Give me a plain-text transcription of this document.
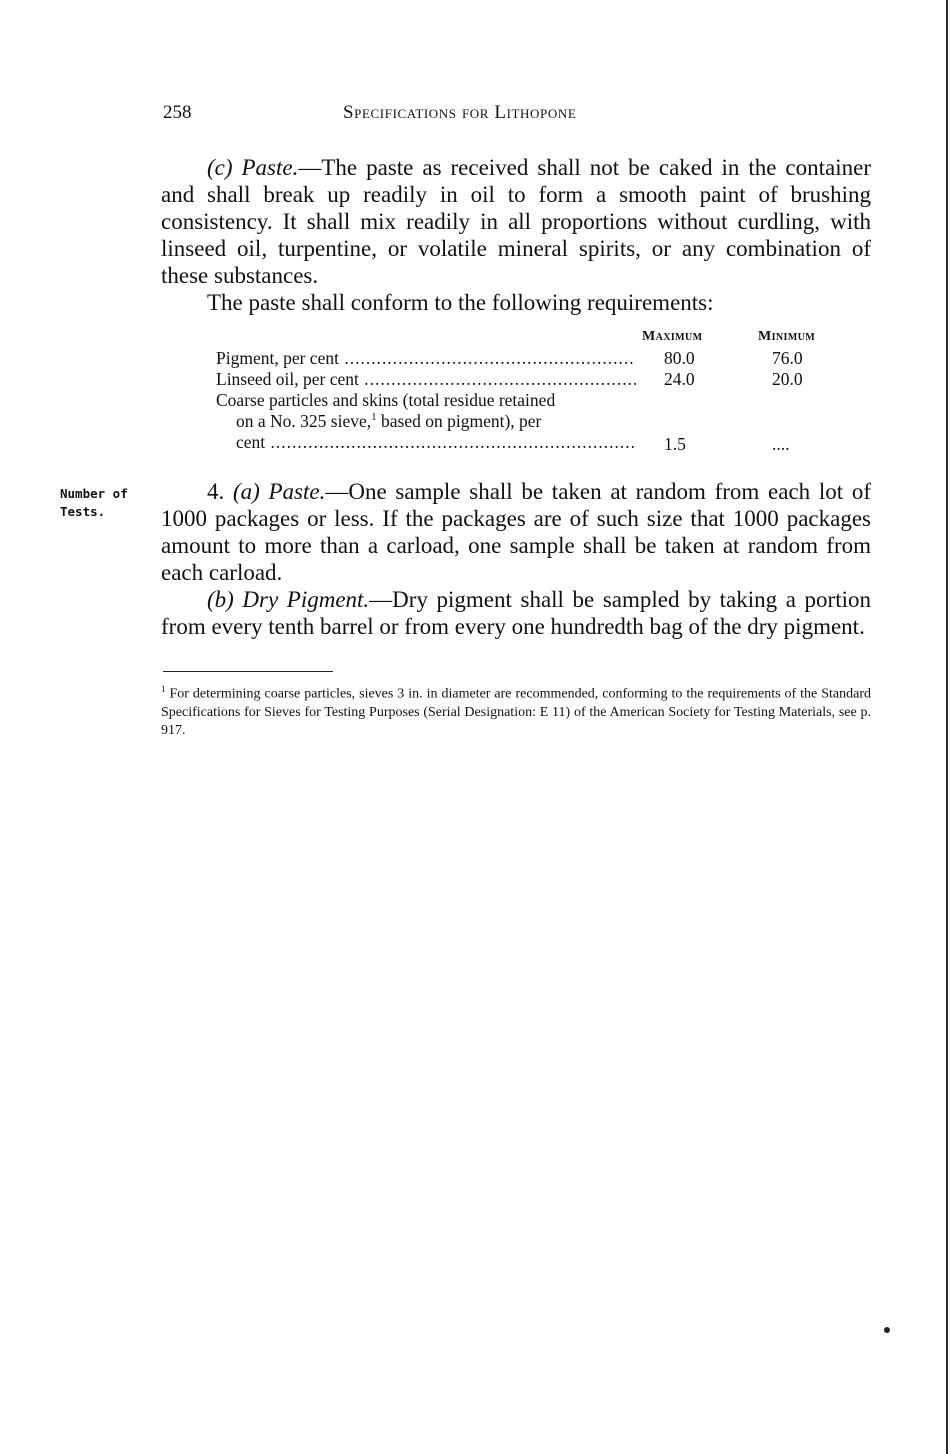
258	Specifications for Lithopone

(c) Paste.—The paste as received shall not be caked in the container and shall break up readily in oil to form a smooth paint of brushing consistency. It shall mix readily in all proportions without curdling, with linseed oil, turpentine, or volatile mineral spirits, or any combination of these substances.

The paste shall conform to the following requirements:

Maximum	Minimum
Pigment, per cent .....	80.0	76.0
Linseed oil, per cent .....	24.0	20.0
Coarse particles and skins (total residue retained
on a No. 325 sieve,$^1$ based on pigment), per
cent .....	1.5	....
Number of
Tests.

4. (a) Paste.—One sample shall be taken at random from each lot of 1000 packages or less. If the packages are of such size that 1000 packages amount to more than a carload, one sample shall be taken at random from each carload.

(b) Dry Pigment.—Dry pigment shall be sampled by taking a portion from every tenth barrel or from every one hundredth bag of the dry pigment.

$^1$ For determining coarse particles, sieves 3 in. in diameter are recommended, conforming to the requirements of the Standard Specifications for Sieves for Testing Purposes (Serial Designation: E 11) of the American Society for Testing Materials, see p. 917.
